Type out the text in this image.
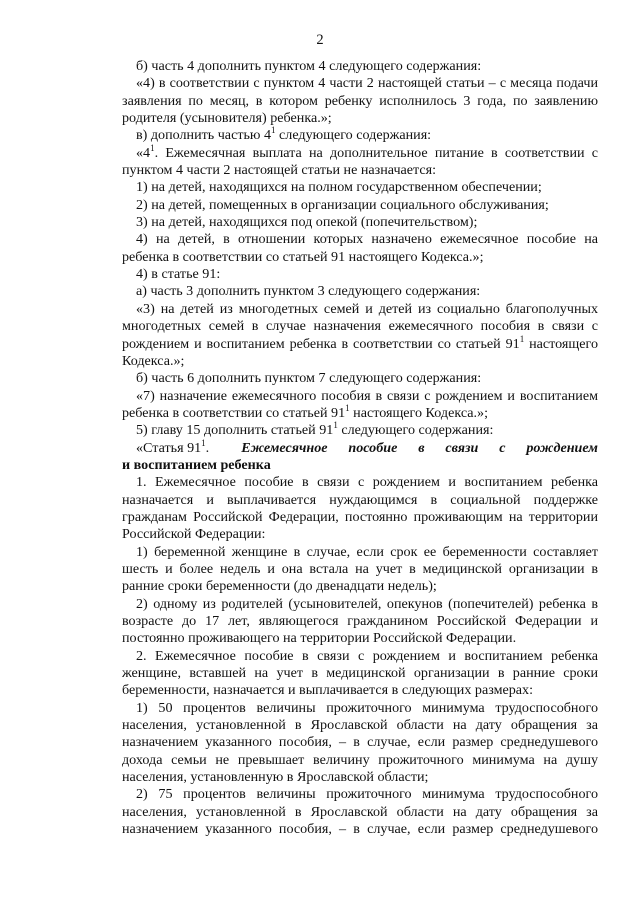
2

б) часть 4 дополнить пунктом 4 следующего содержания:

«4) в соответствии с пунктом 4 части 2 настоящей статьи – с месяца подачи заявления по месяц, в котором ребенку исполнилось 3 года, по заявлению родителя (усыновителя) ребенка.»;

в) дополнить частью $4^1$ следующего содержания:

«$4^1$. Ежемесячная выплата на дополнительное питание в соответствии с пунктом 4 части 2 настоящей статьи не назначается:

1) на детей, находящихся на полном государственном обеспечении;

2) на детей, помещенных в организации социального обслуживания;

3) на детей, находящихся под опекой (попечительством);

4) на детей, в отношении которых назначено ежемесячное пособие на ребенка в соответствии со статьей 91 настоящего Кодекса.»;

4) в статье 91:

а) часть 3 дополнить пунктом 3 следующего содержания:

«3) на детей из многодетных семей и детей из социально благополучных многодетных семей в случае назначения ежемесячного пособия в связи с рождением и воспитанием ребенка в соответствии со статьей $91^1$ настоящего Кодекса.»;

б) часть 6 дополнить пунктом 7 следующего содержания:

«7) назначение ежемесячного пособия в связи с рождением и воспитанием ребенка в соответствии со статьей $91^1$ настоящего Кодекса.»;

5) главу 15 дополнить статьей $91^1$ следующего содержания:

«Статья $91^1$.	Ежемесячное	пособие	в	связи	с	рождением

и воспитанием ребенка

1. Ежемесячное пособие в связи с рождением и воспитанием ребенка назначается и выплачивается нуждающимся в социальной поддержке гражданам Российской Федерации, постоянно проживающим на территории Российской Федерации:

1) беременной женщине в случае, если срок ее беременности составляет шесть и более недель и она встала на учет в медицинской организации в ранние сроки беременности (до двенадцати недель);

2) одному из родителей (усыновителей, опекунов (попечителей) ребенка в возрасте до 17 лет, являющегося гражданином Российской Федерации и постоянно проживающего на территории Российской Федерации.

2. Ежемесячное пособие в связи с рождением и воспитанием ребенка женщине, вставшей на учет в медицинской организации в ранние сроки беременности, назначается и выплачивается в следующих размерах:

1) 50 процентов величины прожиточного минимума трудоспособного населения, установленной в Ярославской области на дату обращения за назначением указанного пособия, – в случае, если размер среднедушевого дохода семьи не превышает величину прожиточного минимума на душу населения, установленную в Ярославской области;

2) 75 процентов величины прожиточного минимума трудоспособного населения, установленной в Ярославской области на дату обращения за назначением указанного пособия, – в случае, если размер среднедушевого
